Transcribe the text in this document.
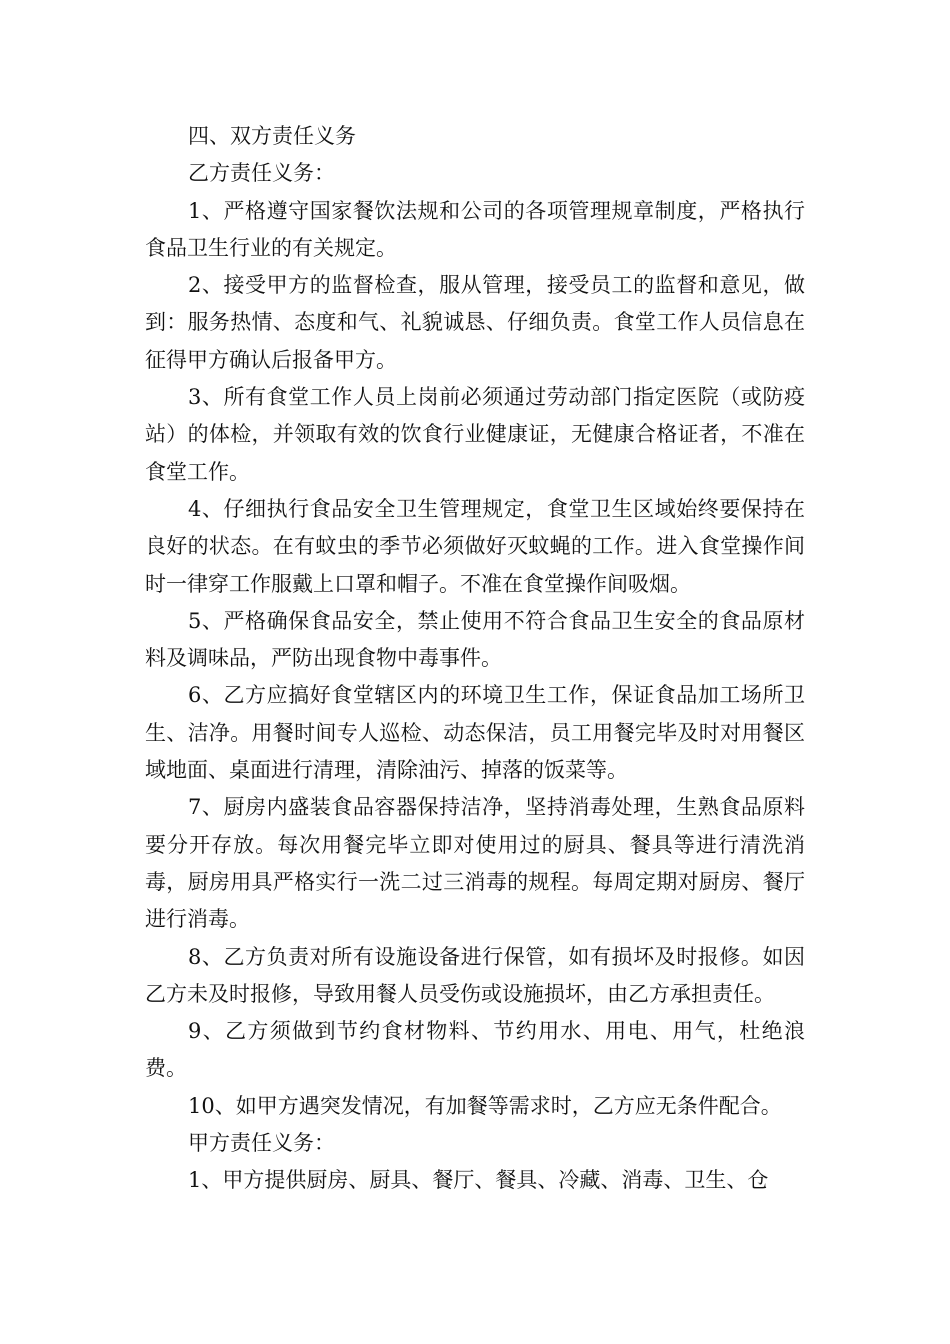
四、双方责任义务

乙方责任义务：

1、严格遵守国家餐饮法规和公司的各项管理规章制度，严格执行食品卫生行业的有关规定。

2、接受甲方的监督检查，服从管理，接受员工的监督和意见，做到：服务热情、态度和气、礼貌诚恳、仔细负责。食堂工作人员信息在征得甲方确认后报备甲方。

3、所有食堂工作人员上岗前必须通过劳动部门指定医院（或防疫站）的体检，并领取有效的饮食行业健康证，无健康合格证者，不准在食堂工作。

4、仔细执行食品安全卫生管理规定，食堂卫生区域始终要保持在良好的状态。在有蚊虫的季节必须做好灭蚊蝇的工作。进入食堂操作间时一律穿工作服戴上口罩和帽子。不准在食堂操作间吸烟。

5、严格确保食品安全，禁止使用不符合食品卫生安全的食品原材料及调味品，严防出现食物中毒事件。

6、乙方应搞好食堂辖区内的环境卫生工作，保证食品加工场所卫生、洁净。用餐时间专人巡检、动态保洁，员工用餐完毕及时对用餐区域地面、桌面进行清理，清除油污、掉落的饭菜等。

7、厨房内盛装食品容器保持洁净，坚持消毒处理，生熟食品原料要分开存放。每次用餐完毕立即对使用过的厨具、餐具等进行清洗消毒，厨房用具严格实行一洗二过三消毒的规程。每周定期对厨房、餐厅进行消毒。

8、乙方负责对所有设施设备进行保管，如有损坏及时报修。如因乙方未及时报修，导致用餐人员受伤或设施损坏，由乙方承担责任。

9、乙方须做到节约食材物料、节约用水、用电、用气，杜绝浪费。

10、如甲方遇突发情况，有加餐等需求时，乙方应无条件配合。

甲方责任义务：

1、甲方提供厨房、厨具、餐厅、餐具、冷藏、消毒、卫生、仓
